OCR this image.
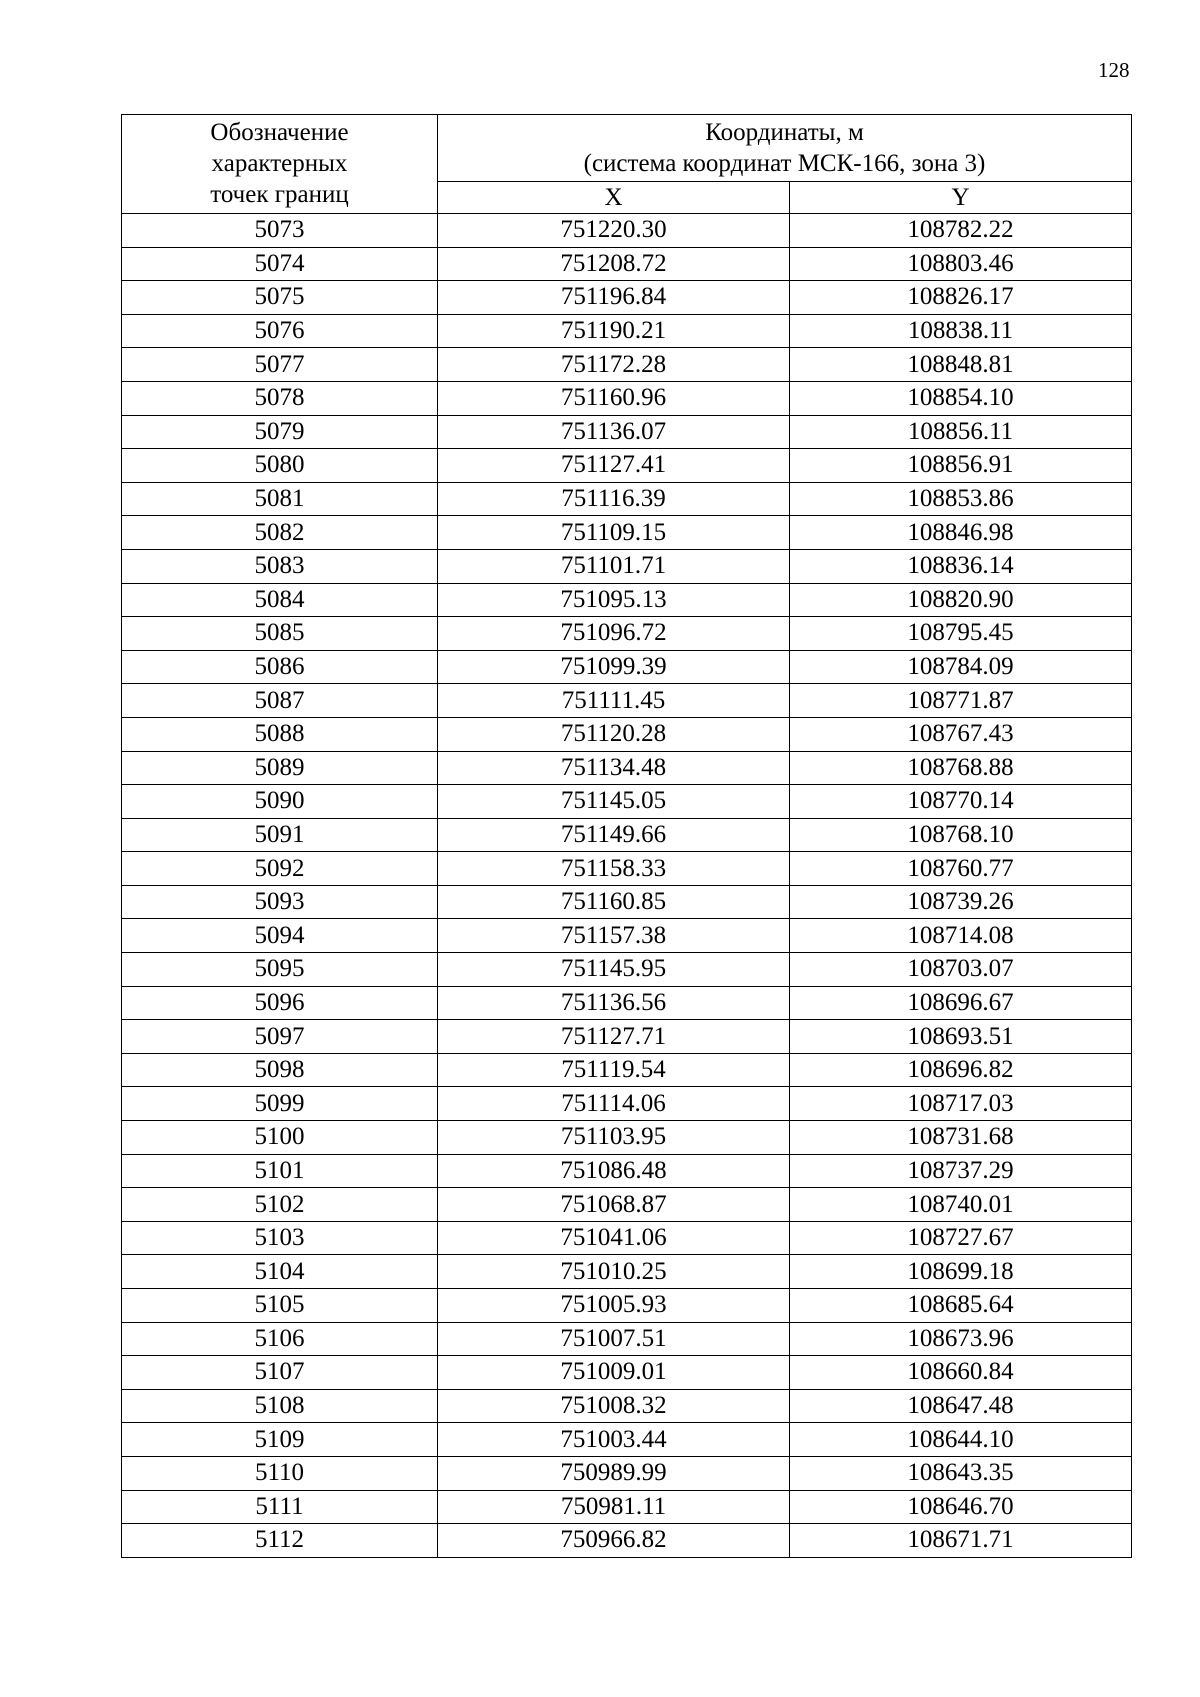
128
Обозначение
характерных
точек границ	Координаты, м
(система координат МСК-166, зона 3)	

	X	Y
5073	751220.30	108782.22
5074	751208.72	108803.46
5075	751196.84	108826.17
5076	751190.21	108838.11
5077	751172.28	108848.81
5078	751160.96	108854.10
5079	751136.07	108856.11
5080	751127.41	108856.91
5081	751116.39	108853.86
5082	751109.15	108846.98
5083	751101.71	108836.14
5084	751095.13	108820.90
5085	751096.72	108795.45
5086	751099.39	108784.09
5087	751111.45	108771.87
5088	751120.28	108767.43
5089	751134.48	108768.88
5090	751145.05	108770.14
5091	751149.66	108768.10
5092	751158.33	108760.77
5093	751160.85	108739.26
5094	751157.38	108714.08
5095	751145.95	108703.07
5096	751136.56	108696.67
5097	751127.71	108693.51
5098	751119.54	108696.82
5099	751114.06	108717.03
5100	751103.95	108731.68
5101	751086.48	108737.29
5102	751068.87	108740.01
5103	751041.06	108727.67
5104	751010.25	108699.18
5105	751005.93	108685.64
5106	751007.51	108673.96
5107	751009.01	108660.84
5108	751008.32	108647.48
5109	751003.44	108644.10
5110	750989.99	108643.35
5111	750981.11	108646.70
5112	750966.82	108671.71
